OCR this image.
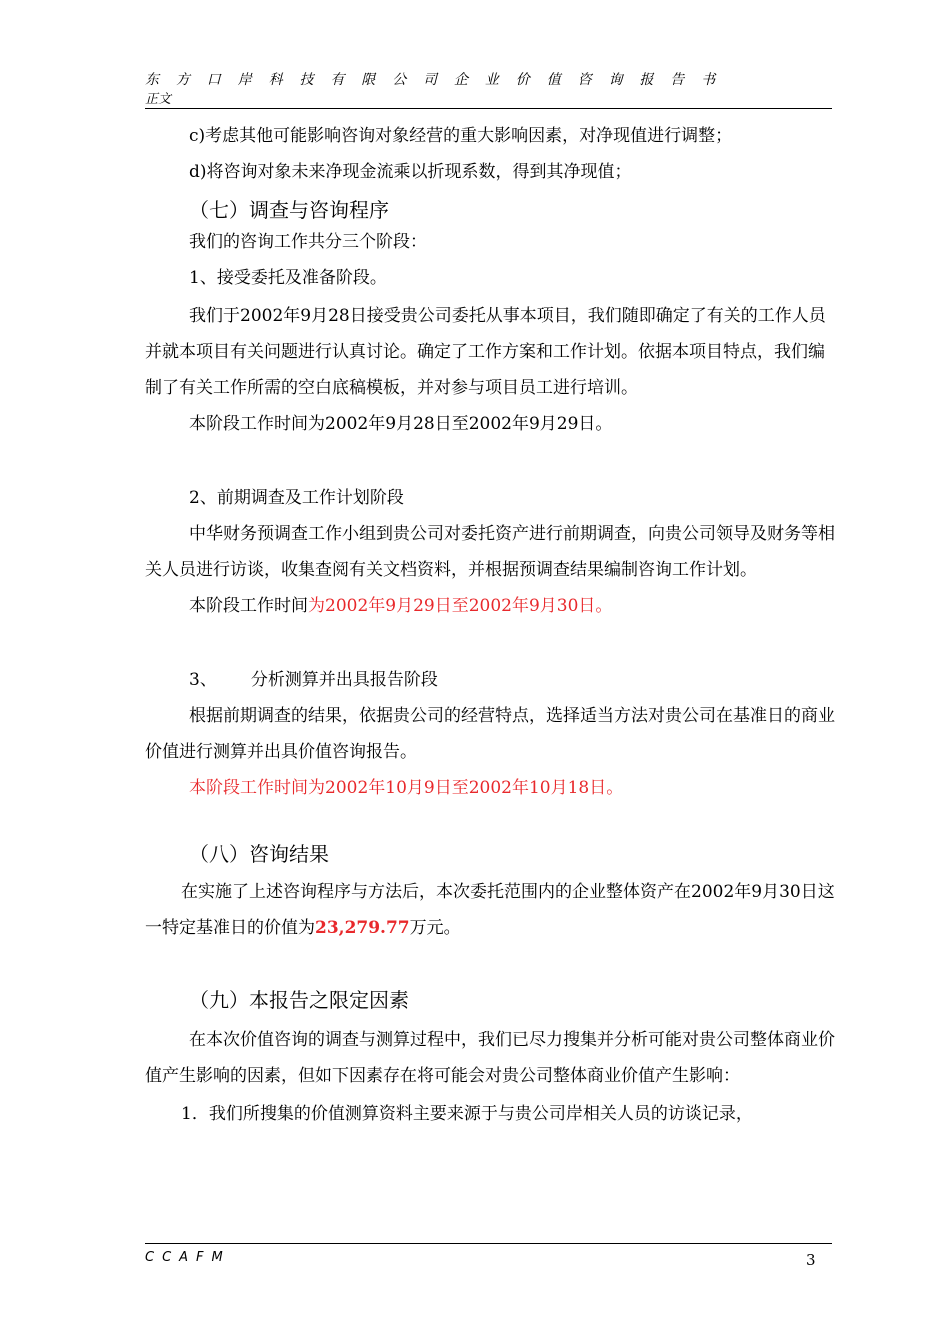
东方口岸科技有限公司企业价值咨询报告书
正文

c)考虑其他可能影响咨询对象经营的重大影响因素，对净现值进行调整；

d)将咨询对象未来净现金流乘以折现系数，得到其净现值；

（七）调查与咨询程序

我们的咨询工作共分三个阶段：

1、接受委托及准备阶段。

我们于2002年9月28日接受贵公司委托从事本项目，我们随即确定了有关的工作人员并就本项目有关问题进行认真讨论。确定了工作方案和工作计划。依据本项目特点，我们编制了有关工作所需的空白底稿模板，并对参与项目员工进行培训。

本阶段工作时间为2002年9月28日至2002年9月29日。

2、前期调查及工作计划阶段

中华财务预调查工作小组到贵公司对委托资产进行前期调查，向贵公司领导及财务等相关人员进行访谈，收集查阅有关文档资料，并根据预调查结果编制咨询工作计划。

本阶段工作时间为2002年9月29日至2002年9月30日。

3、 分析测算并出具报告阶段

根据前期调查的结果，依据贵公司的经营特点，选择适当方法对贵公司在基准日的商业价值进行测算并出具价值咨询报告。

本阶段工作时间为2002年10月9日至2002年10月18日。

（八）咨询结果

在实施了上述咨询程序与方法后，本次委托范围内的企业整体资产在2002年9月30日这一特定基准日的价值为23,279.77万元。

（九）本报告之限定因素

在本次价值咨询的调查与测算过程中，我们已尽力搜集并分析可能对贵公司整体商业价值产生影响的因素，但如下因素存在将可能会对贵公司整体商业价值产生影响：

1．我们所搜集的价值测算资料主要来源于与贵公司岸相关人员的访谈记录，

CCAFM	3
